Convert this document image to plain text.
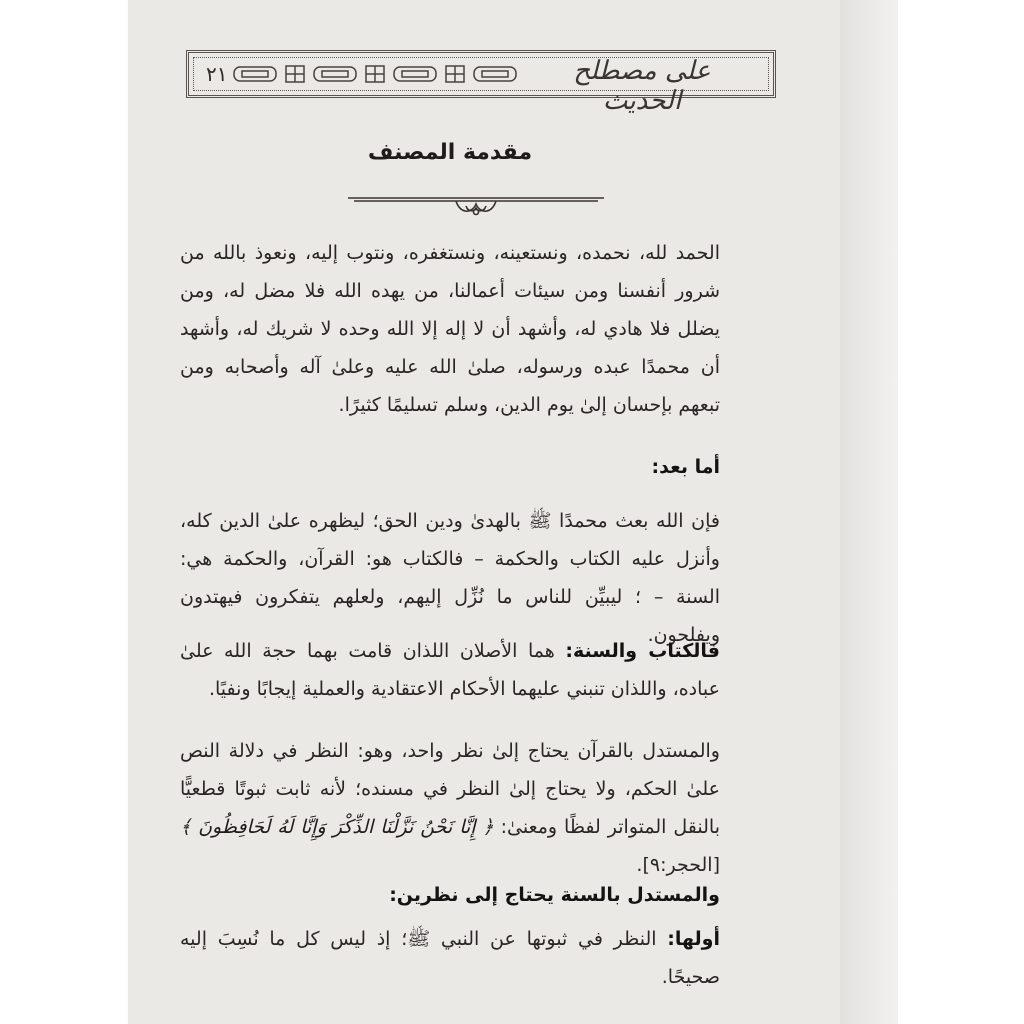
٢١	على مصطلح الحديث
مقدمة المصنف
الحمد لله، نحمده، ونستعينه، ونستغفره، ونتوب إليه، ونعوذ بالله من شرور أنفسنا ومن سيئات أعمالنا، من يهده الله فلا مضل له، ومن يضلل فلا هادي له، وأشهد أن لا إله إلا الله وحده لا شريك له، وأشهد أن محمدًا عبده ورسوله، صلىٰ الله عليه وعلىٰ آله وأصحابه ومن تبعهم بإحسان إلىٰ يوم الدين، وسلم تسليمًا كثيرًا.
أما بعد:
فإن الله بعث محمدًا ﷺ بالهدىٰ ودين الحق؛ ليظهره علىٰ الدين كله، وأنزل عليه الكتاب والحكمة – فالكتاب هو: القرآن، والحكمة هي: السنة – ؛ ليبيِّن للناس ما نُزِّل إليهم، ولعلهم يتفكرون فيهتدون ويفلحون.
فالكتاب والسنة: هما الأصلان اللذان قامت بهما حجة الله علىٰ عباده، واللذان تنبني عليهما الأحكام الاعتقادية والعملية إيجابًا ونفيًا.
والمستدل بالقرآن يحتاج إلىٰ نظر واحد، وهو: النظر في دلالة النص علىٰ الحكم، ولا يحتاج إلىٰ النظر في مسنده؛ لأنه ثابت ثبوتًا قطعيًّا بالنقل المتواتر لفظًا ومعنىٰ: ﴿ إِنَّا نَحْنُ نَزَّلْنَا الذِّكْرَ وَإِنَّا لَهُ لَحَافِظُونَ ﴾ [الحجر:٩].
والمستدل بالسنة يحتاج إلى نظرين:
أولها: النظر في ثبوتها عن النبي ﷺ؛ إذ ليس كل ما نُسِبَ إليه صحيحًا.
